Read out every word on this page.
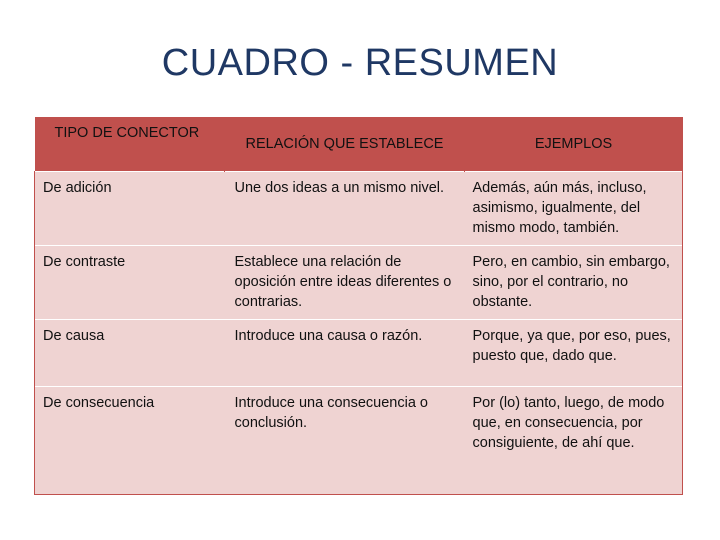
CUADRO - RESUMEN
TIPO DE CONECTOR	RELACIÓN QUE ESTABLECE	EJEMPLOS
De adición	Une dos ideas a un mismo nivel.	Además, aún más, incluso, asimismo, igualmente, del mismo modo, también.
De contraste	Establece una relación de oposición entre ideas diferentes o contrarias.	Pero, en cambio, sin embargo, sino, por el contrario, no obstante.
De causa	Introduce una causa o razón.	Porque, ya que, por eso, pues, puesto que, dado que.
De consecuencia	Introduce una consecuencia o conclusión.	Por (lo) tanto, luego, de modo que, en consecuencia, por consiguiente, de ahí que.
